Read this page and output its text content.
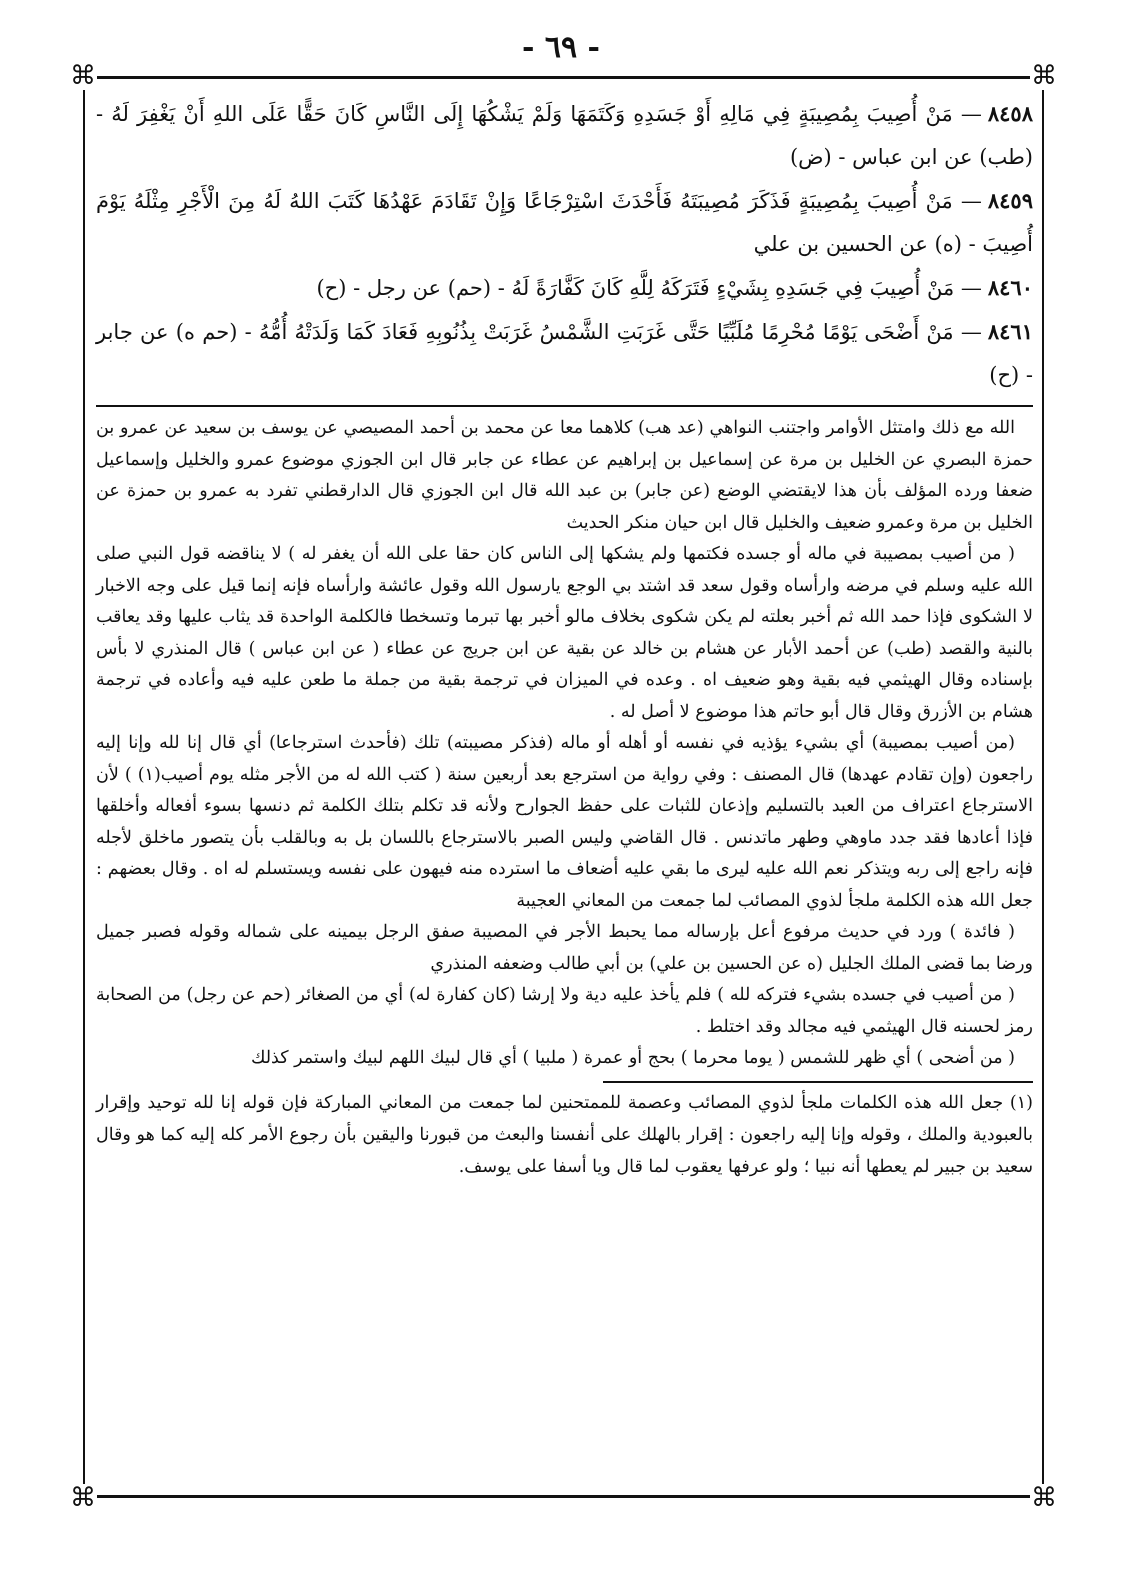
- ٦٩ -
⌘	⌘
⌘	⌘

٨٤٥٨— مَنْ أُصِيبَ بِمُصِيبَةٍ فِي مَالِهِ أَوْ جَسَدِهِ وَكَتَمَهَا وَلَمْ يَشْكُهَا إِلَى النَّاسِ كَانَ حَقًّا عَلَى اللهِ أَنْ يَغْفِرَ لَهُ - (طب) عن ابن عباس - (ض)

٨٤٥٩— مَنْ أُصِيبَ بِمُصِيبَةٍ فَذَكَرَ مُصِيبَتَهُ فَأَحْدَثَ اسْتِرْجَاعًا وَإِنْ تَقَادَمَ عَهْدُهَا كَتَبَ اللهُ لَهُ مِنَ الْأَجْرِ مِثْلَهُ يَوْمَ أُصِيبَ - (ه) عن الحسين بن علي

٨٤٦٠— مَنْ أُصِيبَ فِي جَسَدِهِ بِشَيْءٍ فَتَرَكَهُ لِلَّهِ كَانَ كَفَّارَةً لَهُ - (حم) عن رجل - (ح)

٨٤٦١— مَنْ أَضْحَى يَوْمًا مُحْرِمًا مُلَبِّيًا حَتَّى غَرَبَتِ الشَّمْسُ غَرَبَتْ بِذُنُوبِهِ فَعَادَ كَمَا وَلَدَتْهُ أُمُّهُ - (حم ه) عن جابر - (ح)

الله مع ذلك وامتثل الأوامر واجتنب النواهي (عد هب) كلاهما معا عن محمد بن أحمد المصيصي عن يوسف بن سعيد عن عمرو بن حمزة البصري عن الخليل بن مرة عن إسماعيل بن إبراهيم عن عطاء عن جابر قال ابن الجوزي موضوع عمرو والخليل وإسماعيل ضعفا ورده المؤلف بأن هذا لايقتضي الوضع (عن جابر) بن عبد الله قال ابن الجوزي قال الدارقطني تفرد به عمرو بن حمزة عن الخليل بن مرة وعمرو ضعيف والخليل قال ابن حيان منكر الحديث

( من أصيب بمصيبة في ماله أو جسده فكتمها ولم يشكها إلى الناس كان حقا على الله أن يغفر له ) لا يناقضه قول النبي صلى الله عليه وسلم في مرضه وارأساه وقول سعد قد اشتد بي الوجع يارسول الله وقول عائشة وارأساه فإنه إنما قيل على وجه الاخبار لا الشكوى فإذا حمد الله ثم أخبر بعلته لم يكن شكوى بخلاف مالو أخبر بها تبرما وتسخطا فالكلمة الواحدة قد يثاب عليها وقد يعاقب بالنية والقصد (طب) عن أحمد الأبار عن هشام بن خالد عن بقية عن ابن جريج عن عطاء ( عن ابن عباس ) قال المنذري لا بأس بإسناده وقال الهيثمي فيه بقية وهو ضعيف اه . وعده في الميزان في ترجمة بقية من جملة ما طعن عليه فيه وأعاده في ترجمة هشام بن الأزرق وقال قال أبو حاتم هذا موضوع لا أصل له .

(من أصيب بمصيبة) أي بشيء يؤذيه في نفسه أو أهله أو ماله (فذكر مصيبته) تلك (فأحدث استرجاعا) أي قال إنا لله وإنا إليه راجعون (وإن تقادم عهدها) قال المصنف : وفي رواية من استرجع بعد أربعين سنة ( كتب الله له من الأجر مثله يوم أصيب(١) ) لأن الاسترجاع اعتراف من العبد بالتسليم وإذعان للثبات على حفظ الجوارح ولأنه قد تكلم بتلك الكلمة ثم دنسها بسوء أفعاله وأخلقها فإذا أعادها فقد جدد ماوهي وطهر ماتدنس . قال القاضي وليس الصبر بالاسترجاع باللسان بل به وبالقلب بأن يتصور ماخلق لأجله فإنه راجع إلى ربه ويتذكر نعم الله عليه ليرى ما بقي عليه أضعاف ما استرده منه فيهون على نفسه ويستسلم له اه . وقال بعضهم : جعل الله هذه الكلمة ملجأ لذوي المصائب لما جمعت من المعاني العجيبة

( فائدة ) ورد في حديث مرفوع أعل بإرساله مما يحبط الأجر في المصيبة صفق الرجل بيمينه على شماله وقوله فصبر جميل ورضا بما قضى الملك الجليل (ه عن الحسين بن علي) بن أبي طالب وضعفه المنذري

( من أصيب في جسده بشيء فتركه لله ) فلم يأخذ عليه دية ولا إرشا (كان كفارة له) أي من الصغائر (حم عن رجل) من الصحابة رمز لحسنه قال الهيثمي فيه مجالد وقد اختلط .

( من أضحى ) أي ظهر للشمس ( يوما محرما ) بحج أو عمرة ( ملبيا ) أي قال لبيك اللهم لبيك واستمر كذلك

(١) جعل الله هذه الكلمات ملجأ لذوي المصائب وعصمة للممتحنين لما جمعت من المعاني المباركة فإن قوله إنا لله توحيد وإقرار بالعبودية والملك ، وقوله وإنا إليه راجعون : إقرار بالهلك على أنفسنا والبعث من قبورنا واليقين بأن رجوع الأمر كله إليه كما هو وقال سعيد بن جبير لم يعطها أنه نبيا ؛ ولو عرفها يعقوب لما قال ويا أسفا على يوسف.
